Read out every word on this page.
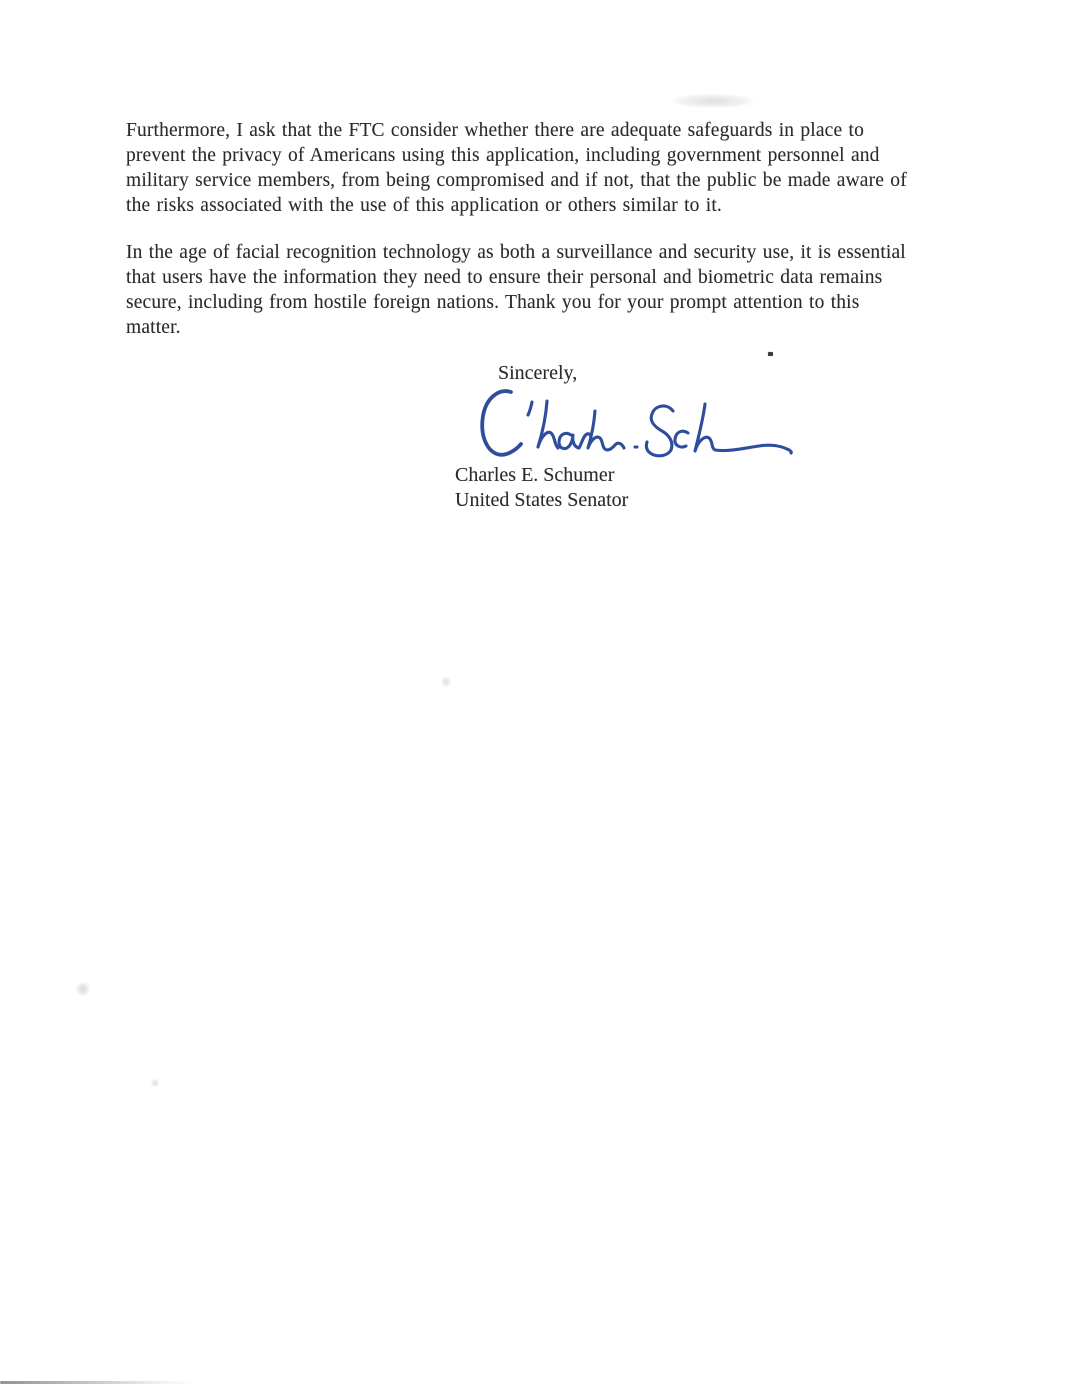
Furthermore, I ask that the FTC consider whether there are adequate safeguards in place to
prevent the privacy of Americans using this application, including government personnel and
military service members, from being compromised and if not, that the public be made aware of
the risks associated with the use of this application or others similar to it.

In the age of facial recognition technology as both a surveillance and security use, it is essential
that users have the information they need to ensure their personal and biometric data remains
secure, including from hostile foreign nations. Thank you for your prompt attention to this
matter.

Sincerely,
Charles E. Schumer
United States Senator
